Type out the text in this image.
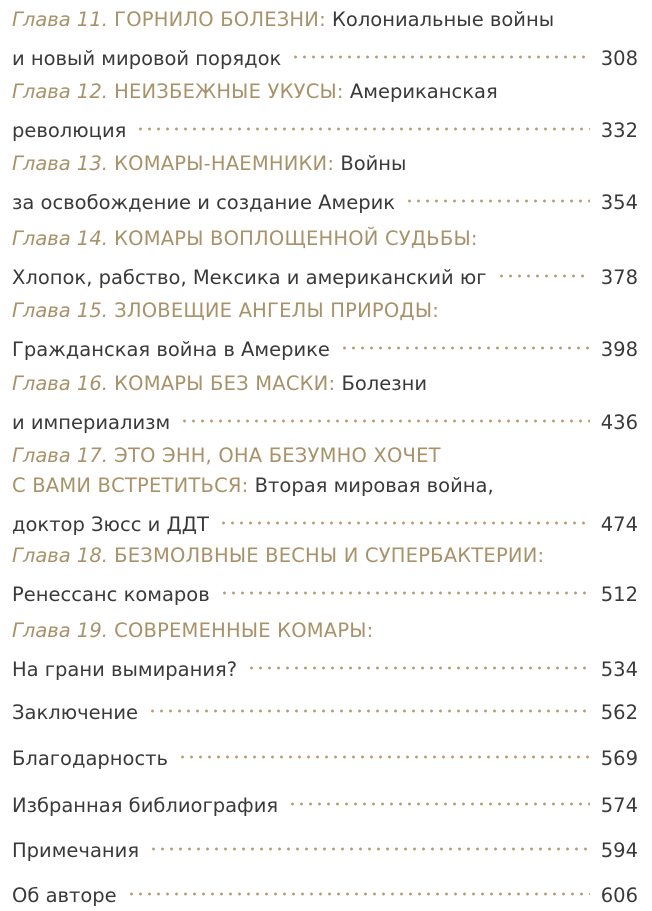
Глава 11.
ГОРНИЛО БОЛЕЗНИ:
Колониальные войны
и новый мировой порядок	308
Глава 12.
НЕИЗБЕЖНЫЕ УКУСЫ:
Американская
революция	332
Глава 13.
КОМАРЫ-НАЕМНИКИ:
Войны
за освобождение и создание Америк	354
Глава 14.
КОМАРЫ ВОПЛОЩЕННОЙ СУДЬБЫ:
Хлопок, рабство, Мексика и американский юг	378
Глава 15.
ЗЛОВЕЩИЕ АНГЕЛЫ ПРИРОДЫ:
Гражданская война в Америке	398
Глава 16.
КОМАРЫ БЕЗ МАСКИ:
Болезни
и империализм	436
Глава 17.
ЭТО ЭНН, ОНА БЕЗУМНО ХОЧЕТ
С ВАМИ ВСТРЕТИТЬСЯ:
Вторая мировая война,
доктор Зюсс и ДДТ	474
Глава 18.
БЕЗМОЛВНЫЕ ВЕСНЫ И СУПЕРБАКТЕРИИ:
Ренессанс комаров	512
Глава 19.
СОВРЕМЕННЫЕ КОМАРЫ:
На грани вымирания?	534
Заключение	562
Благодарность	569
Избранная библиография	574
Примечания	594
Об авторе	606
